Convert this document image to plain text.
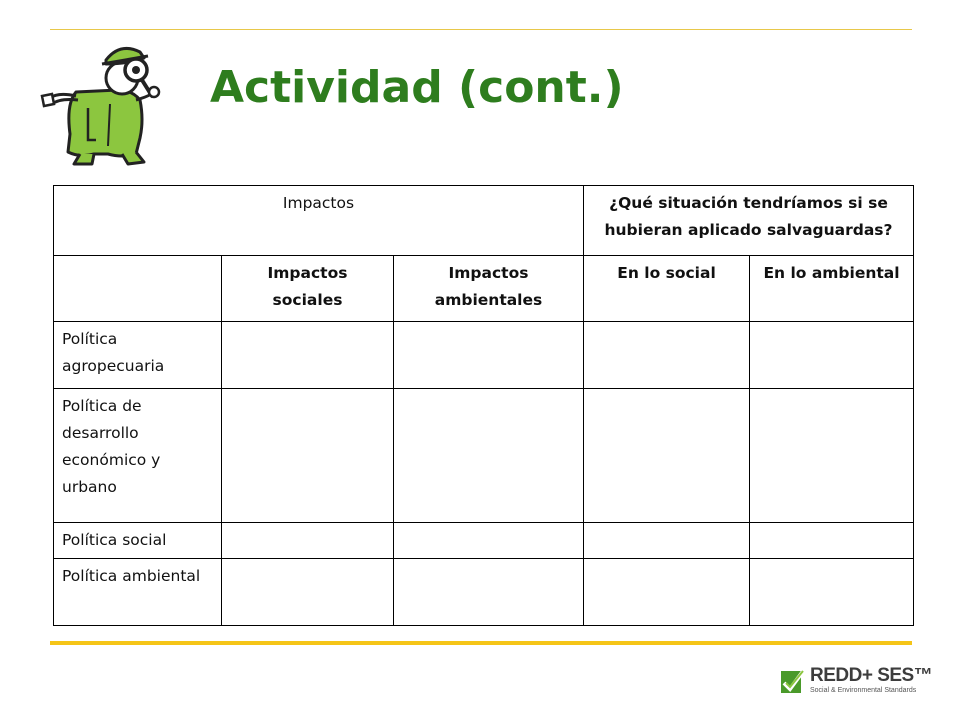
Actividad (cont.)
Impactos			¿Qué situación tendríamos si se hubieran aplicado salvaguardas?	
	Impactos sociales	Impactos ambientales	En lo social	En lo ambiental
Política agropecuaria				
Política de desarrollo económico y urbano				
Política social				
Política ambiental				
REDD+ SES™
Social & Environmental Standards
